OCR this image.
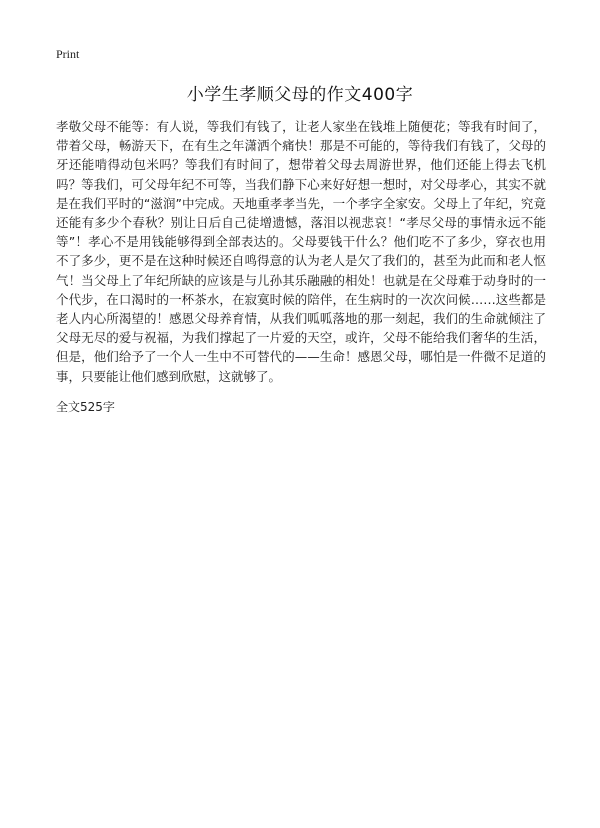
Print
小学生孝顺父母的作文400字

孝敬父母不能等：有人说，等我们有钱了，让老人家坐在钱堆上随便花；等我有时间了，带着父母，畅游天下，在有生之年潇洒个痛快！那是不可能的，等待我们有钱了，父母的牙还能啃得动包米吗？等我们有时间了，想带着父母去周游世界，他们还能上得去飞机吗？等我们，可父母年纪不可等，当我们静下心来好好想一想时，对父母孝心，其实不就是在我们平时的“滋润”中完成。天地重孝孝当先，一个孝字全家安。父母上了年纪，究竟还能有多少个春秋？别让日后自己徒增遗憾，落泪以视悲哀！“孝尽父母的事情永远不能等”！孝心不是用钱能够得到全部表达的。父母要钱干什么？他们吃不了多少，穿衣也用不了多少，更不是在这种时候还自鸣得意的认为老人是欠了我们的，甚至为此而和老人怄气！当父母上了年纪所缺的应该是与儿孙其乐融融的相处！也就是在父母难于动身时的一个代步，在口渴时的一杯茶水，在寂寞时候的陪伴，在生病时的一次次问候……这些都是老人内心所渴望的！感恩父母养育情，从我们呱呱落地的那一刻起，我们的生命就倾注了父母无尽的爱与祝福，为我们撑起了一片爱的天空，或许，父母不能给我们奢华的生活，但是，他们给予了一个人一生中不可替代的——生命！感恩父母，哪怕是一件微不足道的事，只要能让他们感到欣慰，这就够了。

全文525字
